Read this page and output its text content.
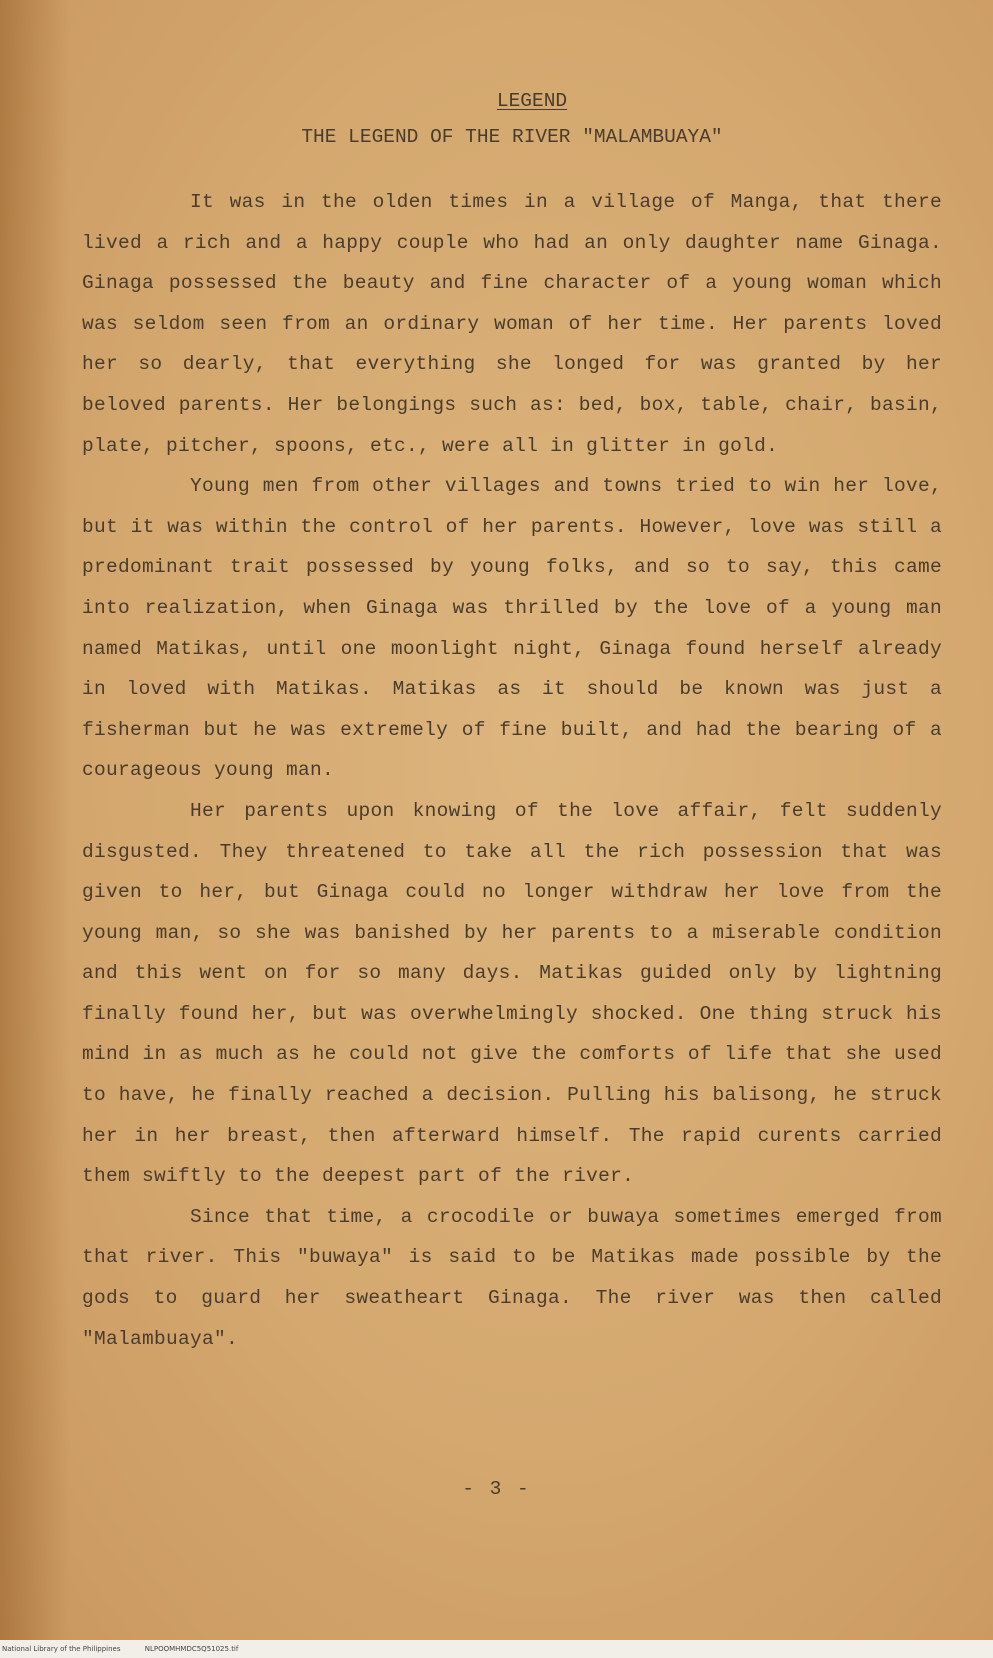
LEGEND
THE LEGEND OF THE RIVER "MALAMBUAYA"

It was in the olden times in a village of Manga, that there lived a rich and a happy couple who had an only daughter name Ginaga. Ginaga possessed the beauty and fine character of a young woman which was seldom seen from an ordinary woman of her time. Her parents loved her so dearly, that everything she longed for was granted by her beloved parents. Her belongings such as: bed, box, table, chair, basin, plate, pitcher, spoons, etc., were all in glitter in gold.

Young men from other villages and towns tried to win her love, but it was within the control of her parents. However, love was still a predominant trait possessed by young folks, and so to say, this came into realization, when Ginaga was thrilled by the love of a young man named Matikas, until one moonlight night, Ginaga found herself already in loved with Matikas. Matikas as it should be known was just a fisherman but he was extremely of fine built, and had the bearing of a courageous young man.

Her parents upon knowing of the love affair, felt suddenly disgusted. They threatened to take all the rich possession that was given to her, but Ginaga could no longer withdraw her love from the young man, so she was banished by her parents to a miserable condition and this went on for so many days. Matikas guided only by lightning finally found her, but was overwhelmingly shocked. One thing struck his mind in as much as he could not give the comforts of life that she used to have, he finally reached a decision. Pulling his balisong, he struck her in her breast, then afterward himself. The rapid curents carried them swiftly to the deepest part of the river.

Since that time, a crocodile or buwaya sometimes emerged from that river. This "buwaya" is said to be Matikas made possible by the gods to guard her sweatheart Ginaga. The river was then called "Malambuaya".

- 3 -
National Library of the Philippines	NLPOOMHMDC5Q51025.tif
